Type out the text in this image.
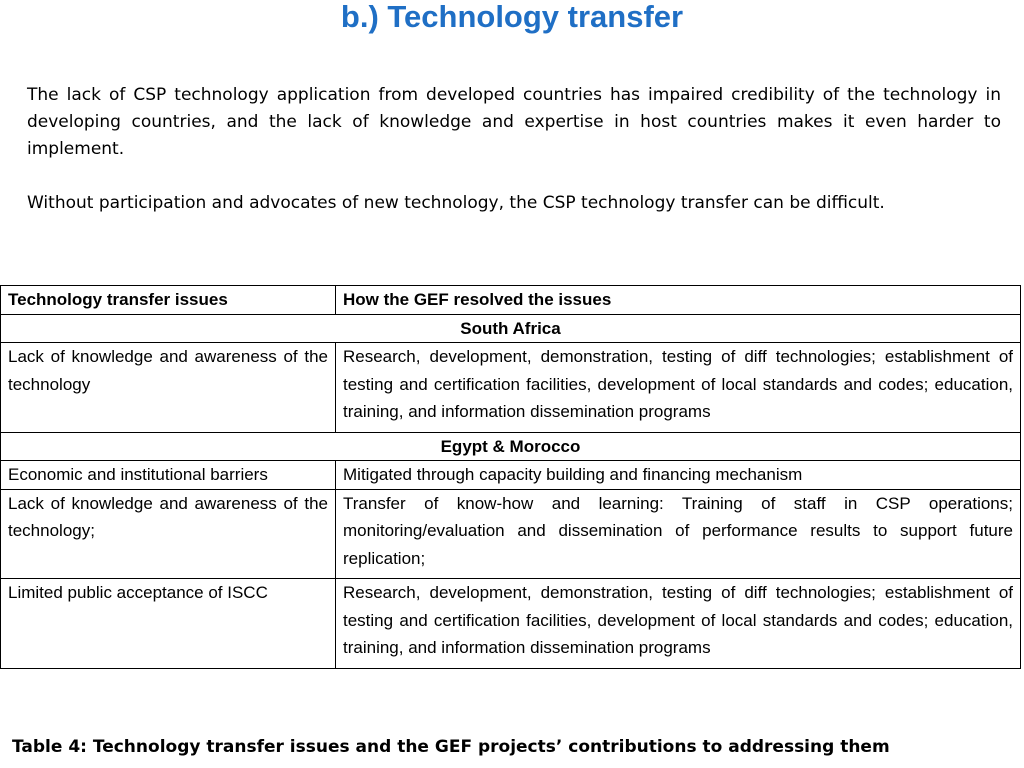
b.) Technology transfer

The lack of CSP technology application from developed countries has impaired credibility of the technology in developing countries, and the lack of knowledge and expertise in host countries makes it even harder to implement.

Without participation and advocates of new technology, the CSP technology transfer can be difficult.

Technology transfer issues	How the GEF resolved the issues
South Africa	
Lack of knowledge and awareness of the technology	Research, development, demonstration, testing of diff technologies; establishment of testing and certification facilities, development of local standards and codes; education, training, and information dissemination programs
Egypt & Morocco	
Economic and institutional barriers	Mitigated through capacity building and financing mechanism
Lack of knowledge and awareness of the technology;	Transfer of know-how and learning: Training of staff in CSP operations; monitoring/evaluation and dissemination of performance results to support future replication;
Limited public acceptance of ISCC	Research, development, demonstration, testing of diff technologies; establishment of testing and certification facilities, development of local standards and codes; education, training, and information dissemination programs
Table 4: Technology transfer issues and the GEF projects’ contributions to addressing them
